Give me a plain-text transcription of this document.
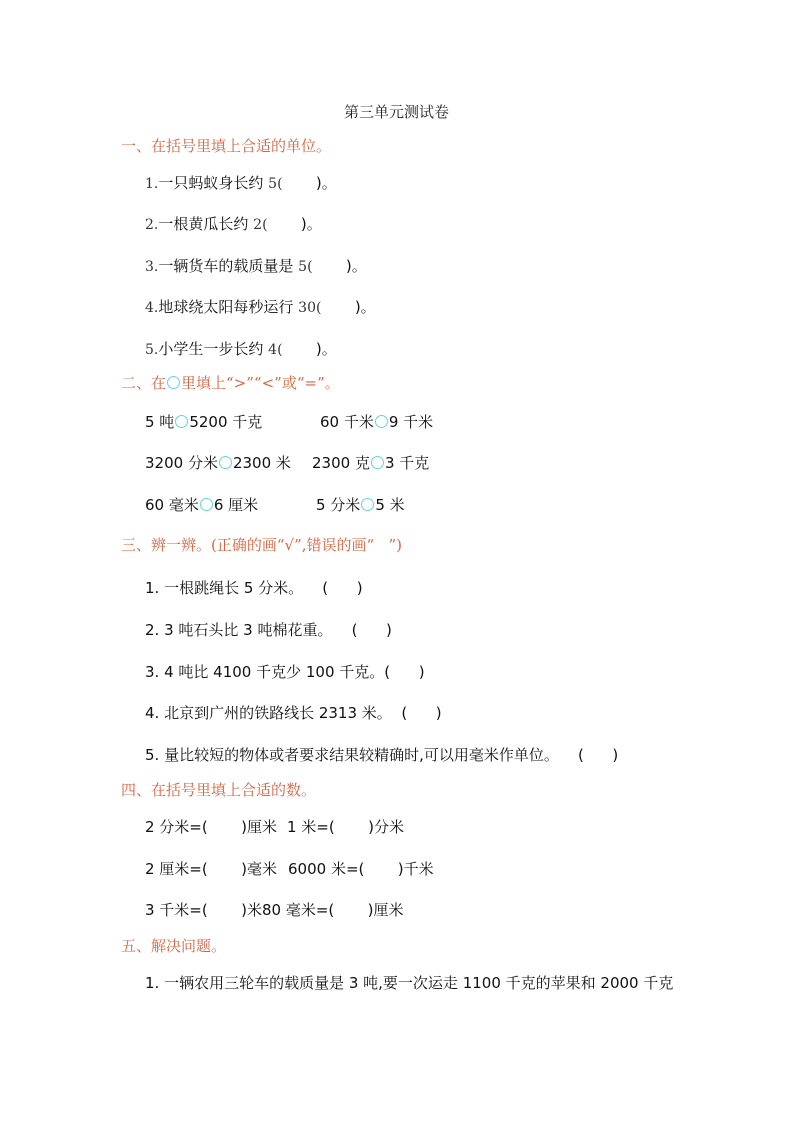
第三单元测试卷
一、在括号里填上合适的单位。
1.一只蚂蚁身长约 5(       )。
2.一根黄瓜长约 2(       )。
3.一辆货车的载质量是 5(       )。
4.地球绕太阳每秒运行 30(       )。
5.小学生一步长约 4(       )。
二、在 里填上“>”“<”或“=”。
5 吨 5200 千克	60 千米 9 千米
3200 分米 2300 米 2300 克 3 千克
60 毫米 6 厘米	5 分米 5 米
三、辨一辨。(正确的画“√”,错误的画“   ”)
1. 一根跳绳长 5 分米。 (      )
2. 3 吨石头比 3 吨棉花重。 (      )
3. 4 吨比 4100 千克少 100 千克。(      )
4. 北京到广州的铁路线长 2313 米。 (      )
5. 量比较短的物体或者要求结果较精确时,可以用毫米作单位。 (      )
四、在括号里填上合适的数。
2 分米=(       )厘米 1 米=(       )分米
2 厘米=(       )毫米 6000 米=(       )千米
3 千米=(       )米 80 毫米=(       )厘米
五、解决问题。
1. 一辆农用三轮车的载质量是 3 吨,要一次运走 1100 千克的苹果和 2000 千克
